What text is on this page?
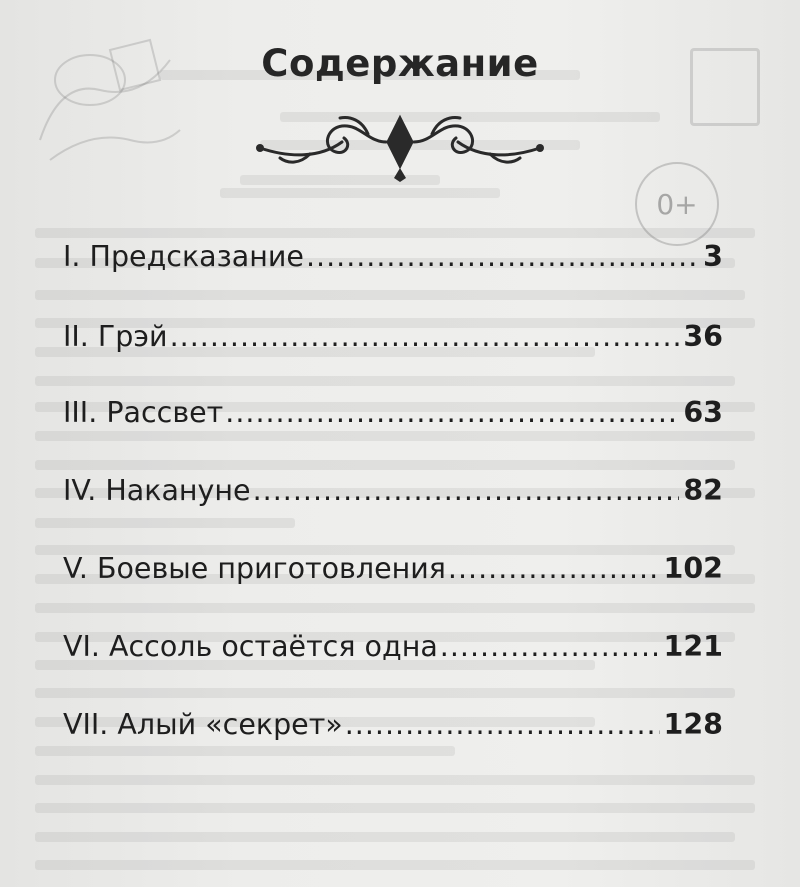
0+
Содержание
I. Предсказание .....	3
II. Грэй .....	36
III. Рассвет .....	63
IV. Накануне .....	82
V. Боевые приготовления .....	102
VI. Ассоль остаётся одна .....	121
VII. Алый «секрет» .....	128
